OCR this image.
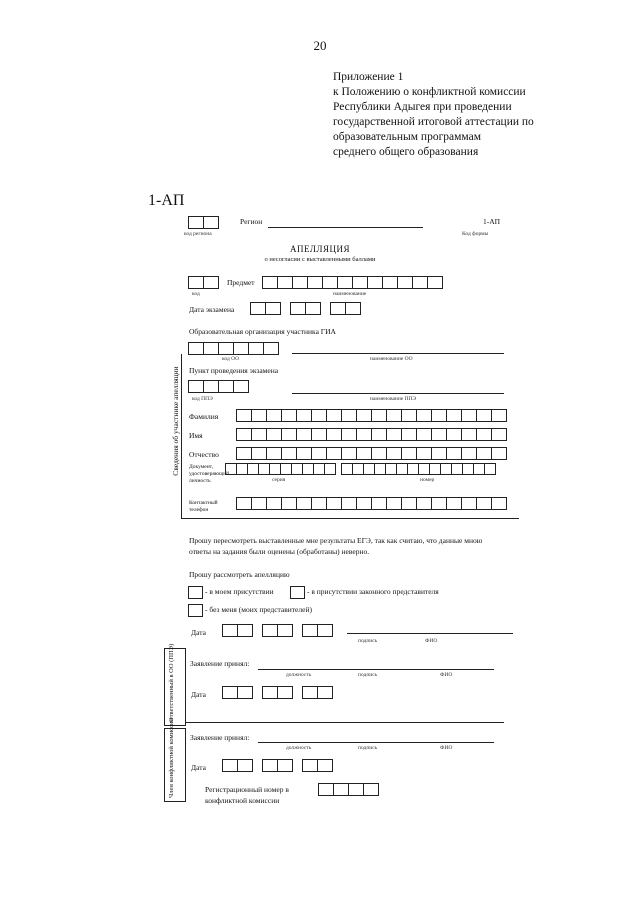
20
Приложение 1
к Положению о конфликтной комиссии
Республики Адыгея при проведении
государственной итоговой аттестации по
образовательным программам
среднего общего образования
1-АП
код региона
Регион	1-АП
Код формы
АПЕЛЛЯЦИЯ
о несогласии с выставленными баллами
Предмет
код	наименование
Дата экзамена
Сведения об участнике апелляции
Образовательная организация участника ГИА
код ОО	наименование ОО
Пункт проведения экзамена
код ППЭ	наименование ППЭ
Фамилия
Имя
Отчество
Документ, удостоверяющий личность	серия	номер
Контактный телефон
Прошу пересмотреть выставленные мне результаты ЕГЭ, так как считаю, что данные мною ответы на задания были оценены (обработаны) неверно.
Прошу рассмотреть апелляцию
- в моем присутствии	- в присутствии законного представителя
- без меня (моих представителей)
Дата
подпись	ФИО
Ответственный в ОО (ППЭ) Заявление принял:
должность	подпись	ФИО
Дата
Член конфликтной комиссии Заявление принял:
должность	подпись	ФИО
Дата
Регистрационный номер в конфликтной комиссии
